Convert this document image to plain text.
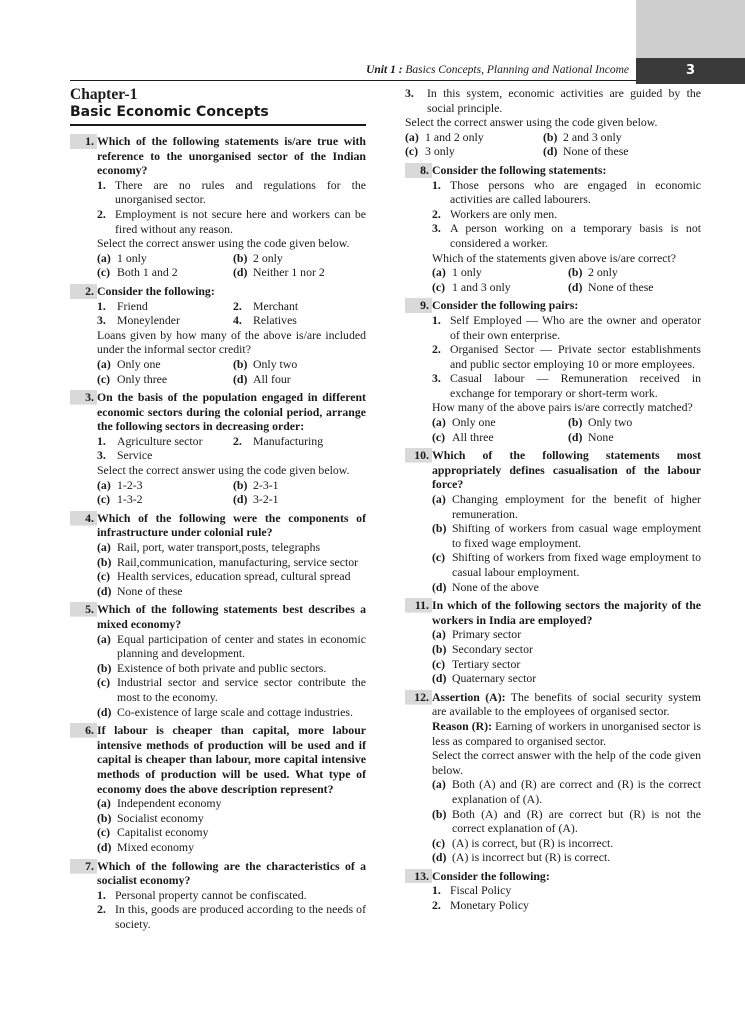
3
Unit 1 : Basics Concepts, Planning and National Income
Chapter-1
Basic Economic Concepts
1. Which of the following statements is/are true with reference to the unorganised sector of the Indian economy?
1. There are no rules and regulations for the unorganised sector.
2. Employment is not secure here and workers can be fired without any reason.
Select the correct answer using the code given below.
(a) 1 only	(b) 2 only
(c) Both 1 and 2	(d) Neither 1 nor 2
2. Consider the following:
1. Friend	2. Merchant
3. Moneylender	4. Relatives
Loans given by how many of the above is/are included under the informal sector credit?
(a) Only one	(b) Only two
(c) Only three	(d) All four
3. On the basis of the population engaged in different economic sectors during the colonial period, arrange the following sectors in decreasing order:
1. Agriculture sector	2. Manufacturing
3. Service
Select the correct answer using the code given below.
(a) 1-2-3	(b) 2-3-1
(c) 1-3-2	(d) 3-2-1
4. Which of the following were the components of infrastructure under colonial rule?
(a) Rail, port, water transport,posts, telegraphs
(b) Rail,communication, manufacturing, service sector
(c) Health services, education spread, cultural spread
(d) None of these
5. Which of the following statements best describes a mixed economy?
(a) Equal participation of center and states in economic planning and development.
(b) Existence of both private and public sectors.
(c) Industrial sector and service sector contribute the most to the economy.
(d) Co-existence of large scale and cottage industries.
6. If labour is cheaper than capital, more labour intensive methods of production will be used and if capital is cheaper than labour, more capital intensive methods of production will be used. What type of economy does the above description represent?
(a) Independent economy
(b) Socialist economy
(c) Capitalist economy
(d) Mixed economy
7. Which of the following are the characteristics of a socialist economy?
1. Personal property cannot be confiscated.
2. In this, goods are produced according to the needs of society.
3.	In this system, economic activities are guided by the social principle.
Select the correct answer using the code given below.
(a) 1 and 2 only	(b) 2 and 3 only
(c) 3 only	(d) None of these
8. Consider the following statements:
1. Those persons who are engaged in economic activities are called labourers.
2. Workers are only men.
3. A person working on a temporary basis is not considered a worker.
Which of the statements given above is/are correct?
(a) 1 only	(b) 2 only
(c) 1 and 3 only	(d) None of these
9. Consider the following pairs:
1. Self Employed — Who are the owner and operator of their own enterprise.
2. Organised Sector — Private sector establishments and public sector employing 10 or more employees.
3. Casual labour — Remuneration received in exchange for temporary or short-term work.
How many of the above pairs is/are correctly matched?
(a) Only one	(b) Only two
(c) All three	(d) None
10. Which of the following statements most appropriately defines casualisation of the labour force?
(a) Changing employment for the benefit of higher remuneration.
(b) Shifting of workers from casual wage employment to fixed wage employment.
(c) Shifting of workers from fixed wage employment to casual labour employment.
(d) None of the above
11. In which of the following sectors the majority of the workers in India are employed?
(a) Primary sector
(b) Secondary sector
(c) Tertiary sector
(d) Quaternary sector
12. Assertion (A): The benefits of social security system are available to the employees of organised sector.
Reason (R): Earning of workers in unorganised sector is less as compared to organised sector.
Select the correct answer with the help of the code given below.
(a) Both (A) and (R) are correct and (R) is the correct explanation of (A).
(b) Both (A) and (R) are correct but (R) is not the correct explanation of (A).
(c) (A) is correct, but (R) is incorrect.
(d) (A) is incorrect but (R) is correct.
13. Consider the following:
1. Fiscal Policy
2. Monetary Policy
